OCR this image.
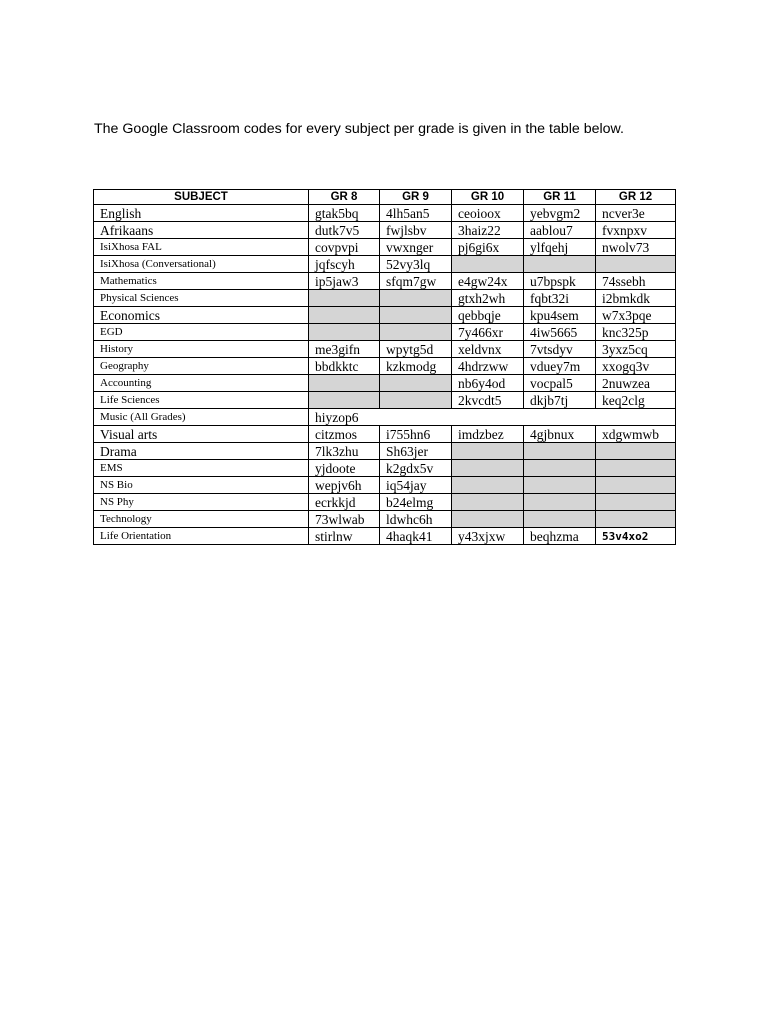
The Google Classroom codes for every subject per grade is given in the table below.

SUBJECT	GR 8	GR 9	GR 10	GR 11	GR 12
English	gtak5bq	4lh5an5	ceoioox	yebvgm2	ncver3e
Afrikaans	dutk7v5	fwjlsbv	3haiz22	aablou7	fvxnpxv
IsiXhosa FAL	covpvpi	vwxnger	pj6gi6x	ylfqehj	nwolv73
IsiXhosa (Conversational)	jqfscyh	52vy3lq			
Mathematics	ip5jaw3	sfqm7gw	e4gw24x	u7bpspk	74ssebh
Physical Sciences			gtxh2wh	fqbt32i	i2bmkdk
Economics			qebbqje	kpu4sem	w7x3pqe
EGD			7y466xr	4iw5665	knc325p
History	me3gifn	wpytg5d	xeldvnx	7vtsdyv	3yxz5cq
Geography	bbdkktc	kzkmodg	4hdrzww	vduey7m	xxogq3v
Accounting			nb6y4od	vocpal5	2nuwzea
Life Sciences			2kvcdt5	dkjb7tj	keq2clg
Music (All Grades)	hiyzop6				
Visual arts	citzmos	i755hn6	imdzbez	4gjbnux	xdgwmwb
Drama	7lk3zhu	Sh63jer			
EMS	yjdoote	k2gdx5v			
NS Bio	wepjv6h	iq54jay			
NS Phy	ecrkkjd	b24elmg			
Technology	73wlwab	ldwhc6h			
Life Orientation	stirlnw	4haqk41	y43xjxw	beqhzma	53v4xo2
